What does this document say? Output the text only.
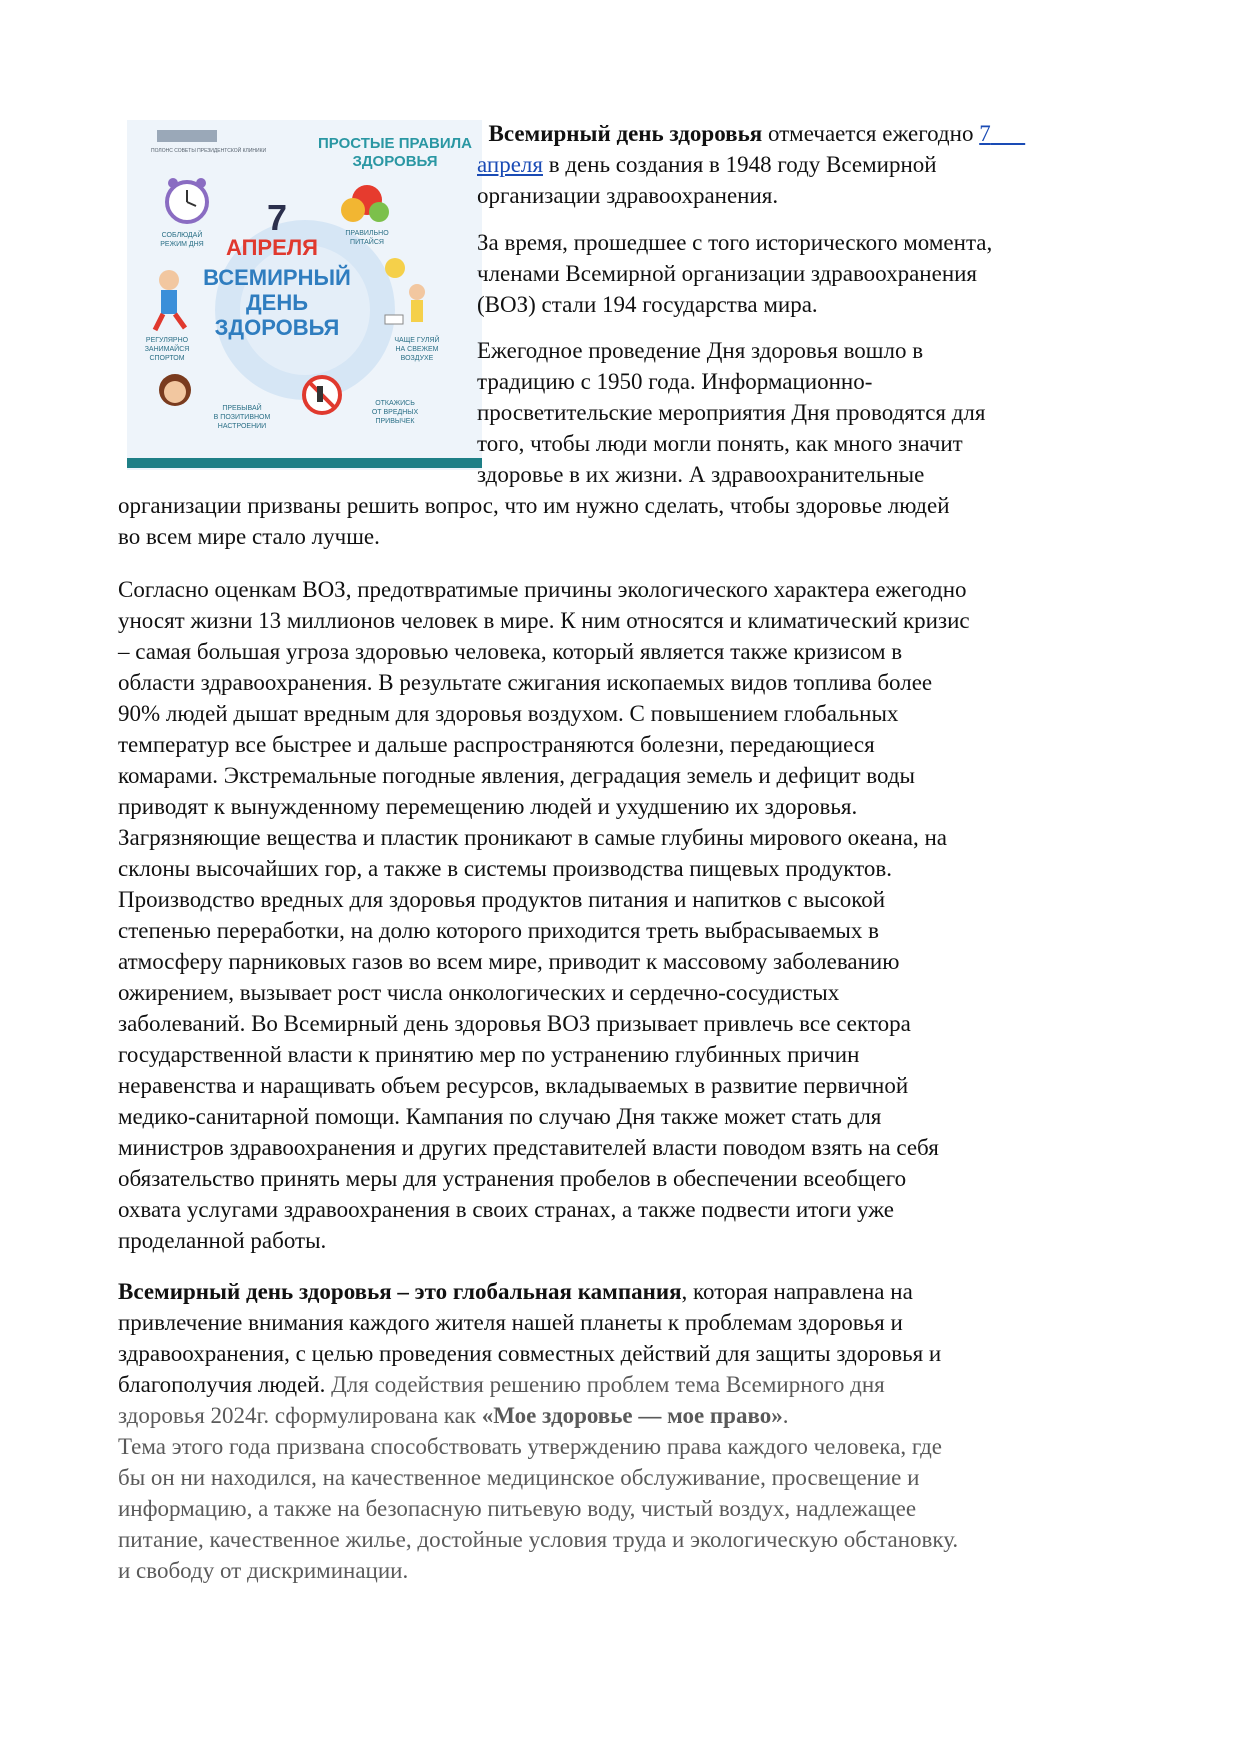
ПОЛОНС СОВЕТЫ ПРЕЗИДЕНТСКОЙ КЛИНИКИ	ПРОСТЫЕ ПРАВИЛА
ЗДОРОВЬЯ
СОБЛЮДАЙ
РЕЖИМ ДНЯ
ПРАВИЛЬНО
ПИТАЙСЯ
7
АПРЕЛЯ
ВСЕМИРНЫЙ
ДЕНЬ
ЗДОРОВЬЯ
РЕГУЛЯРНО
ЗАНИМАЙСЯ
СПОРТОМ
ЧАЩЕ ГУЛЯЙ
НА СВЕЖЕМ
ВОЗДУХЕ
ПРЕБЫВАЙ
В ПОЗИТИВНОМ
НАСТРОЕНИИ
ОТКАЖИСЬ
ОТ ВРЕДНЫХ
ПРИВЫЧЕК

Всемирный день здоровья отмечается ежегодно 7
апреля в день создания в 1948 году Всемирной
организации здравоохранения.

За время, прошедшее с того исторического момента,
членами Всемирной организации здравоохранения
(ВОЗ) стали 194 государства мира.

Ежегодное проведение Дня здоровья вошло в
традицию с 1950 года. Информационно-
просветительские мероприятия Дня проводятся для
того, чтобы люди могли понять, как много значит
здоровье в их жизни. А здравоохранительные

организации призваны решить вопрос, что им нужно сделать, чтобы здоровье людей
во всем мире стало лучше.

Согласно оценкам ВОЗ, предотвратимые причины экологического характера ежегодно
уносят жизни 13 миллионов человек в мире. К ним относятся и климатический кризис
– самая большая угроза здоровью человека, который является также кризисом в
области здравоохранения. В результате сжигания ископаемых видов топлива более
90% людей дышат вредным для здоровья воздухом. С повышением глобальных
температур все быстрее и дальше распространяются болезни, передающиеся
комарами. Экстремальные погодные явления, деградация земель и дефицит воды
приводят к вынужденному перемещению людей и ухудшению их здоровья.
Загрязняющие вещества и пластик проникают в самые глубины мирового океана, на
склоны высочайших гор, а также в системы производства пищевых продуктов.
Производство вредных для здоровья продуктов питания и напитков с высокой
степенью переработки, на долю которого приходится треть выбрасываемых в
атмосферу парниковых газов во всем мире, приводит к массовому заболеванию
ожирением, вызывает рост числа онкологических и сердечно-сосудистых
заболеваний. Во Всемирный день здоровья ВОЗ призывает привлечь все сектора
государственной власти к принятию мер по устранению глубинных причин
неравенства и наращивать объем ресурсов, вкладываемых в развитие первичной
медико-санитарной помощи. Кампания по случаю Дня также может стать для
министров здравоохранения и других представителей власти поводом взять на себя
обязательство принять меры для устранения пробелов в обеспечении всеобщего
охвата услугами здравоохранения в своих странах, а также подвести итоги уже
проделанной работы.

Всемирный день здоровья – это глобальная кампания, которая направлена на
привлечение внимания каждого жителя нашей планеты к проблемам здоровья и
здравоохранения, с целью проведения совместных действий для защиты здоровья и
благополучия людей. Для содействия решению проблем тема Всемирного дня
здоровья 2024г. сформулирована как «Мое здоровье — мое право».

Тема этого года призвана способствовать утверждению права каждого человека, где
бы он ни находился, на качественное медицинское обслуживание, просвещение и
информацию, а также на безопасную питьевую воду, чистый воздух, надлежащее
питание, качественное жилье, достойные условия труда и экологическую обстановку.
и свободу от дискриминации.
